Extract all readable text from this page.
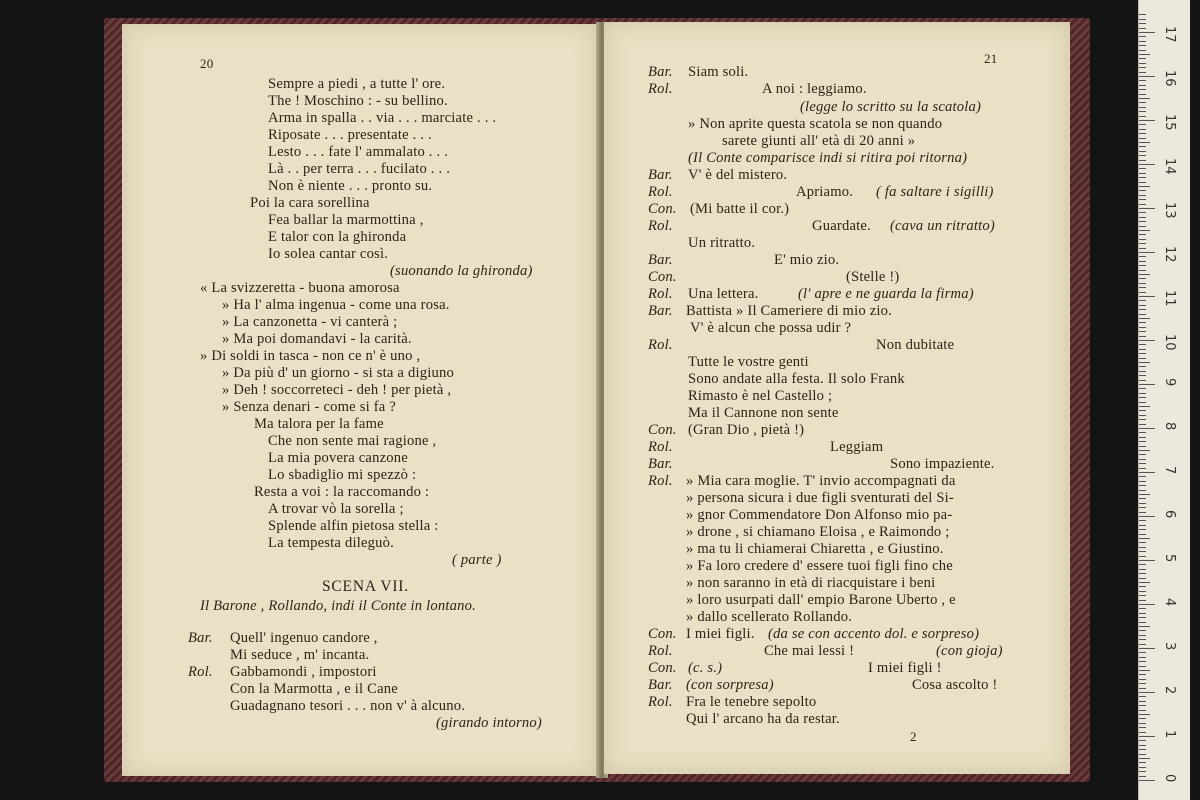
20
Sempre a piedi , a tutte l' ore.
The ! Moschino : - su bellino.
Arma in spalla . . via . . . marciate . . .
Riposate . . . presentate . . .
Lesto . . . fate l' ammalato . . .
Là . . per terra . . . fucilato . . .
Non è niente . . . pronto su.
Poi la cara sorellina
Fea ballar la marmottina ,
E talor con la ghironda
Io solea cantar così.
(suonando la ghironda)
« La svizzeretta - buona amorosa
» Ha l' alma ingenua - come una rosa.
» La canzonetta - vi canterà ;
» Ma poi domandavi - la carità.
» Di soldi in tasca - non ce n' è uno ,
» Da più d' un giorno - si sta a digiuno
» Deh ! soccorreteci - deh ! per pietà ,
» Senza denari - come si fa ?
Ma talora per la fame
Che non sente mai ragione ,
La mia povera canzone
Lo sbadiglio mi spezzò :
Resta a voi : la raccomando :
A trovar vò la sorella ;
Splende alfin pietosa stella :
La tempesta dileguò.
( parte )
SCENA VII.
Il Barone , Rollando, indi il Conte in lontano.
Bar. Quell' ingenuo candore ,
Mi seduce , m' incanta.
Rol. Gabbamondi , impostori
Con la Marmotta , e il Cane
Guadagnano tesori . . . non v' à alcuno.
(girando intorno)
21
Bar. Siam soli.
Rol.	A noi : leggiamo.
(legge lo scritto su la scatola)
» Non aprite questa scatola se non quando
sarete giunti all' età di 20 anni »
(Il Conte comparisce indi si ritira poi ritorna)
Bar. V' è del mistero.
Rol.	Apriamo. ( fa saltare i sigilli)
Con. (Mi batte il cor.)
Rol.	Guardate. (cava un ritratto)
Un ritratto.
Bar.	E' mio zio.
Con.	(Stelle !)
Rol. Una lettera.	(l' apre e ne guarda la firma)
Bar. Battista » Il Cameriere di mio zio.
V' è alcun che possa udir ?
Rol.	Non dubitate
Tutte le vostre genti
Sono andate alla festa. Il solo Frank
Rimasto è nel Castello ;
Ma il Cannone non sente
Con. (Gran Dio , pietà !)
Rol.	Leggiam
Bar.	Sono impaziente.
Rol. » Mia cara moglie. T' invio accompagnati da
» persona sicura i due figli sventurati del Si-
» gnor Commendatore Don Alfonso mio pa-
» drone , si chiamano Eloisa , e Raimondo ;
» ma tu li chiamerai Chiaretta , e Giustino.
» Fa loro credere d' essere tuoi figli fino che
» non saranno in età di riacquistare i beni
» loro usurpati dall' empio Barone Uberto , e
» dallo scellerato Rollando.
Con. I miei figli. (da se con accento dol. e sorpreso)
Rol.	Che mai lessi !	(con gioja)
Con. (c. s.)	I miei figli !
Bar. (con sorpresa)	Cosa ascolto !
Rol. Fra le tenebre sepolto
Qui l' arcano ha da restar.
2
0
1
2
3
4
5
6
7
8
9
10
11
12
13
14
15
16
17
